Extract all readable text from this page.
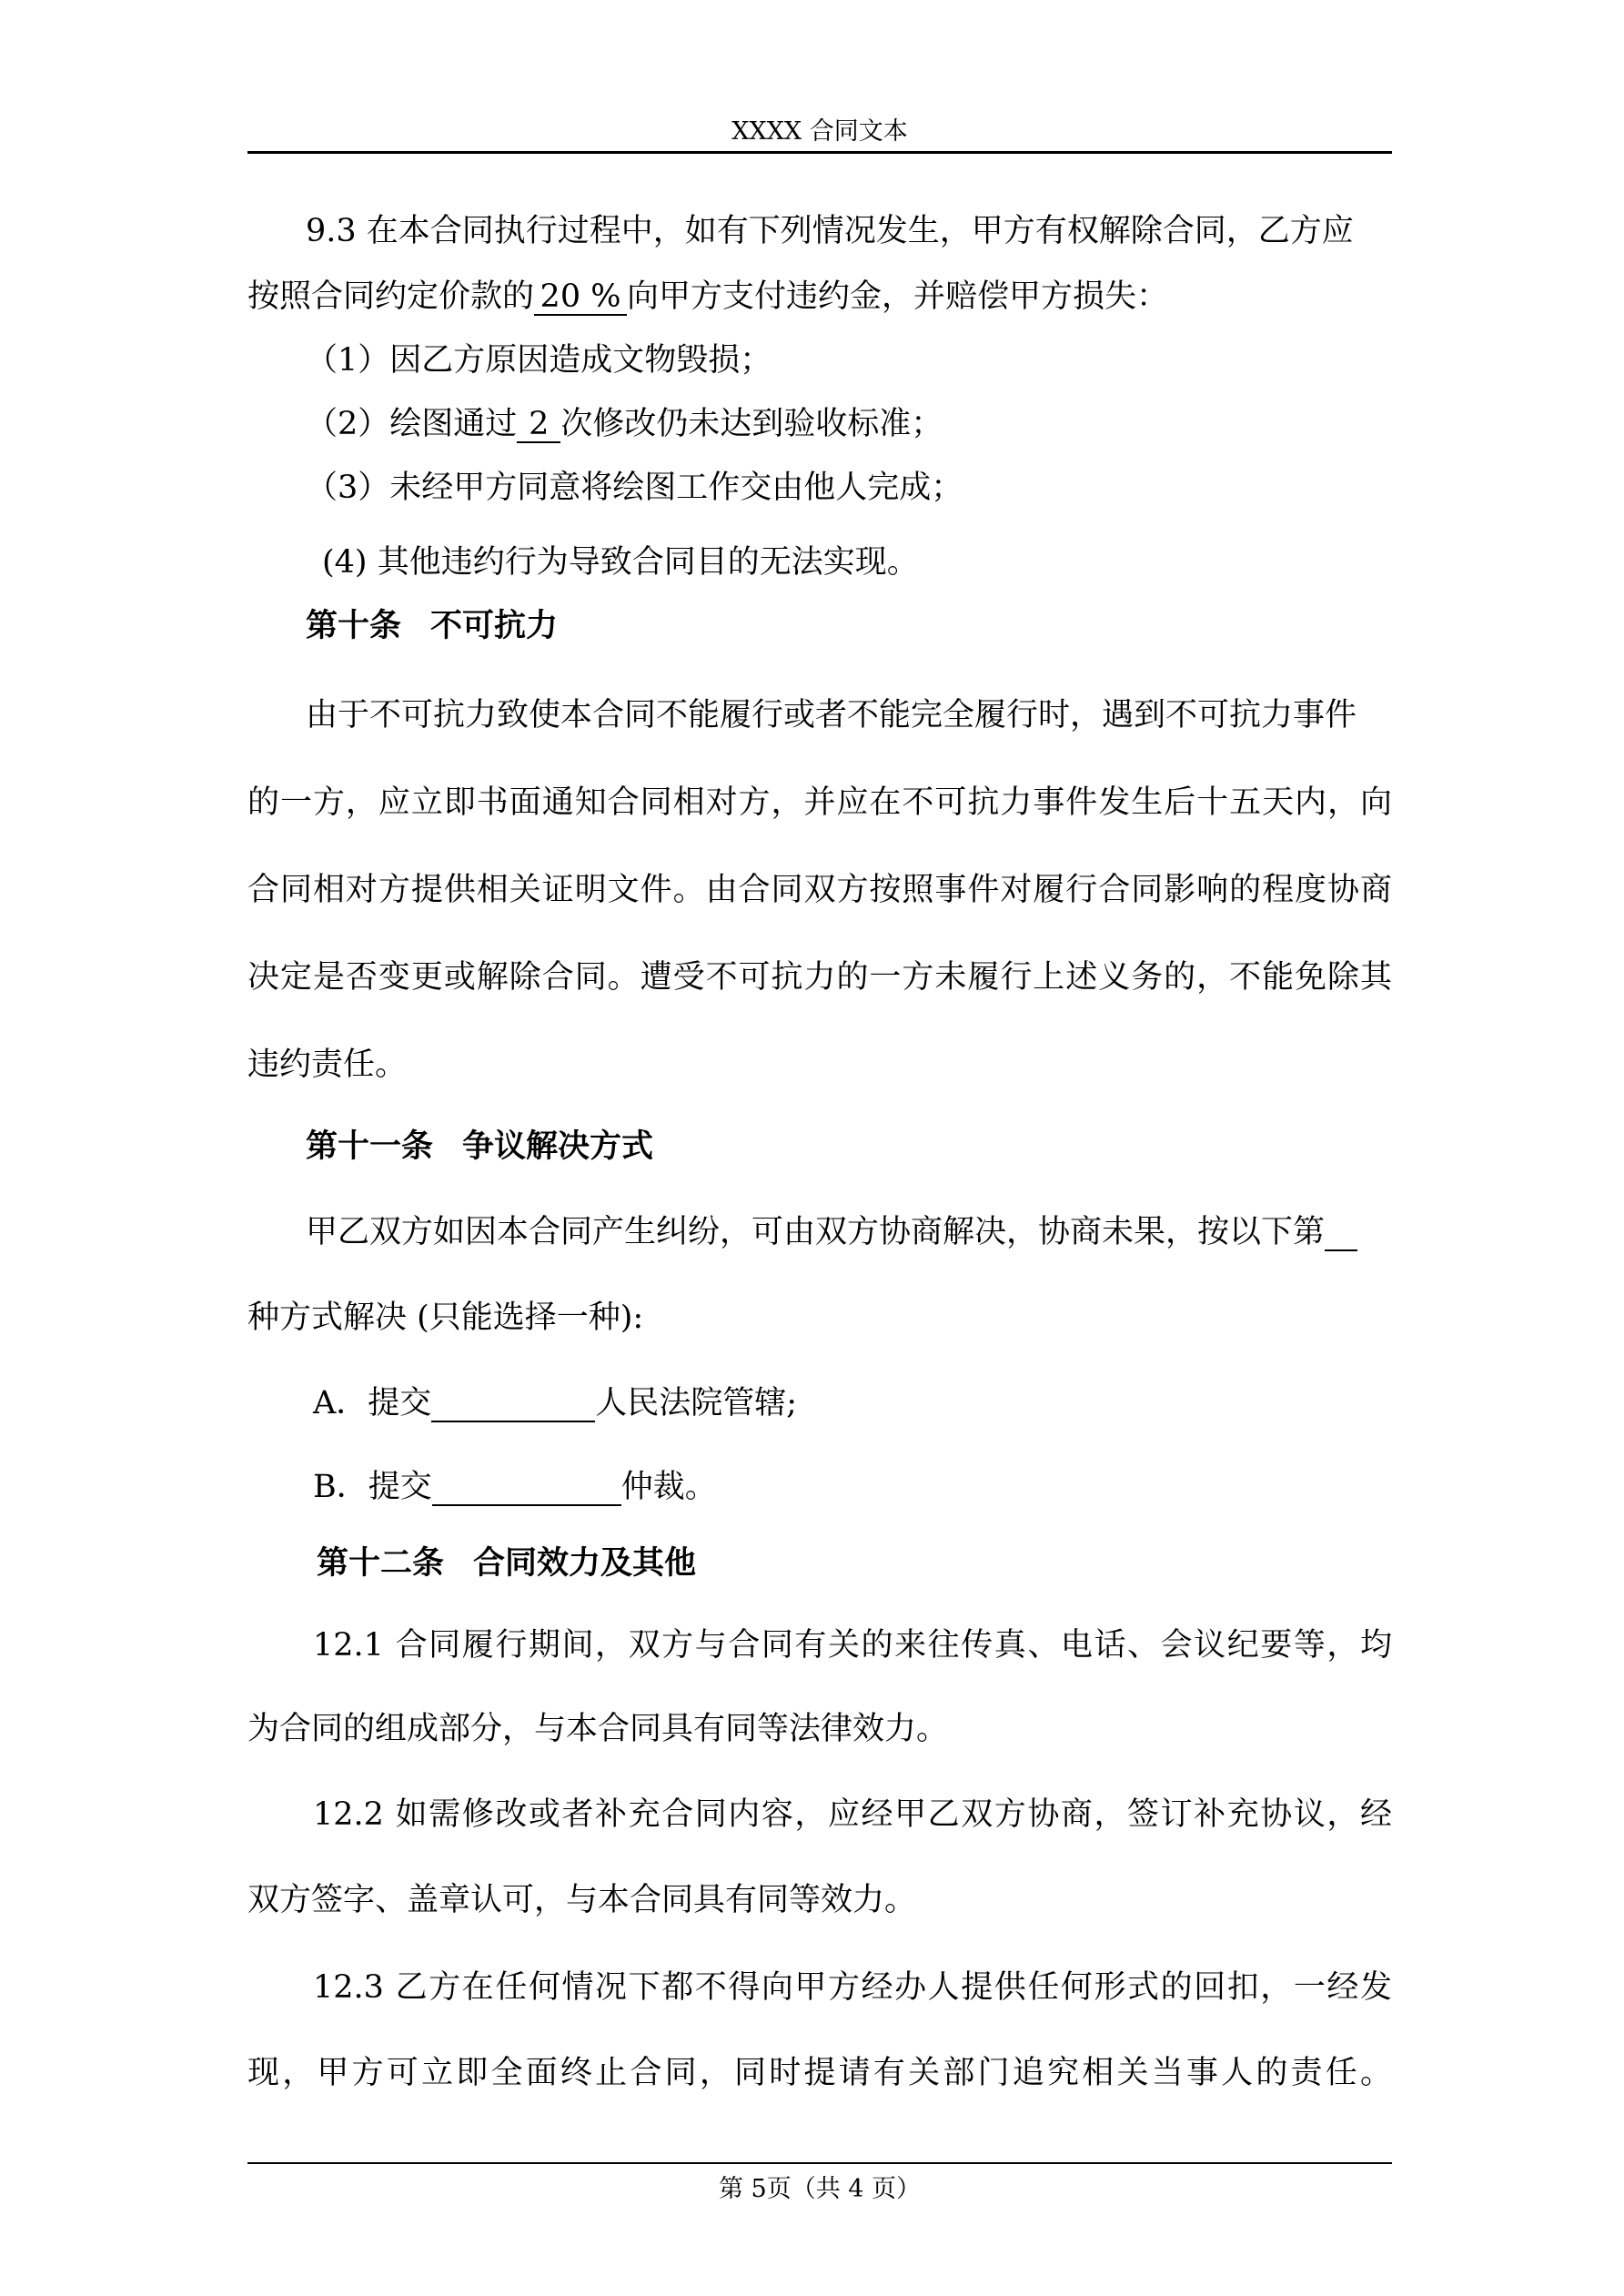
XXXX 合同文本
9.3 在本合同执行过程中，如有下列情况发生，甲方有权解除合同，乙方应
按照合同约定价款的 20 % 向甲方支付违约金，并赔偿甲方损失：
（1）因乙方原因造成文物毁损；
（2）绘图通过 2 次修改仍未达到验收标准；
（3）未经甲方同意将绘图工作交由他人完成；
(4) 其他违约行为导致合同目的无法实现。
第十条 不可抗力
由于不可抗力致使本合同不能履行或者不能完全履行时，遇到不可抗力事件
的一方，应立即书面通知合同相对方，并应在不可抗力事件发生后十五天内，向
合同相对方提供相关证明文件。由合同双方按照事件对履行合同影响的程度协商
决定是否变更或解除合同。遭受不可抗力的一方未履行上述义务的，不能免除其
违约责任。
第十一条 争议解决方式
甲乙双方如因本合同产生纠纷，可由双方协商解决，协商未果，按以下第
种方式解决 (只能选择一种):
A．提交	人民法院管辖;
B．提交	仲裁。
第十二条 合同效力及其他
12.1 合同履行期间，双方与合同有关的来往传真、电话、会议纪要等，均
为合同的组成部分，与本合同具有同等法律效力。
12.2 如需修改或者补充合同内容，应经甲乙双方协商，签订补充协议，经
双方签字、盖章认可，与本合同具有同等效力。
12.3 乙方在任何情况下都不得向甲方经办人提供任何形式的回扣，一经发
现，甲方可立即全面终止合同，同时提请有关部门追究相关当事人的责任。
第 5页（共 4 页）
